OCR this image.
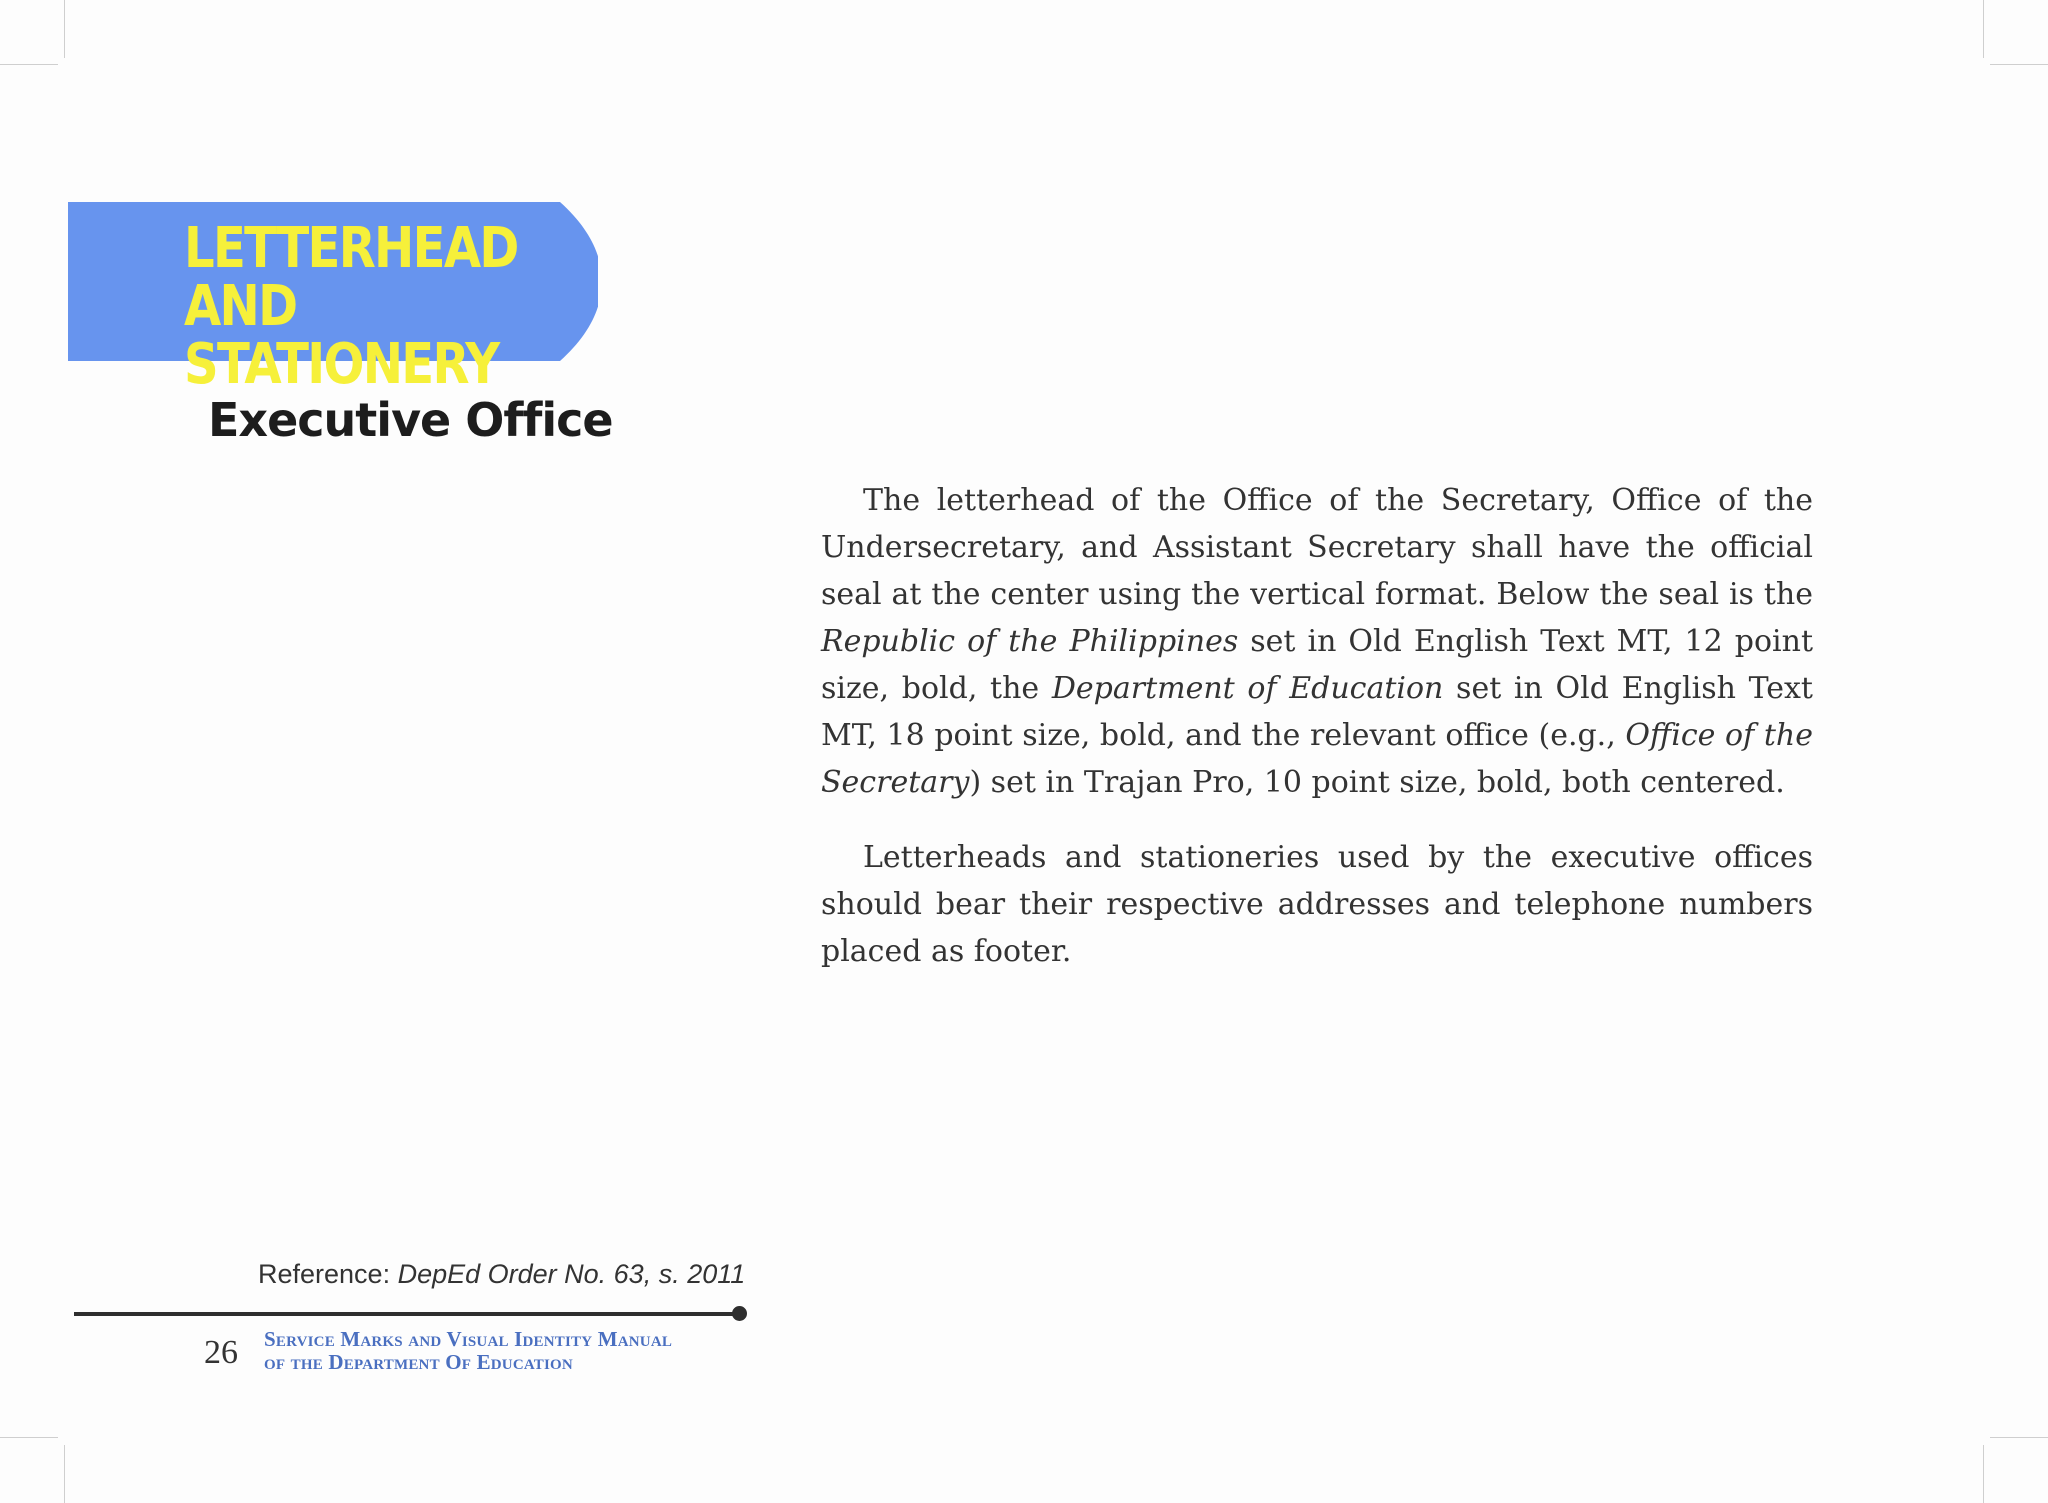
LETTERHEAD AND
STATIONERY
Executive Office

The letterhead of the Office of the Secretary, Office of the Undersecretary, and Assistant Secretary shall have the official seal at the center using the vertical format. Below the seal is the Republic of the Philippines set in Old English Text MT, 12 point size, bold, the Department of Education set in Old English Text MT, 18 point size, bold, and the relevant office (e.g., Office of the Secretary) set in Trajan Pro, 10 point size, bold, both centered.

Letterheads and stationeries used by the executive offices should bear their respective addresses and telephone numbers placed as footer.

Reference: DepEd Order No. 63, s. 2011
26 Service Marks and Visual Identity Manual
of the Department Of Education
